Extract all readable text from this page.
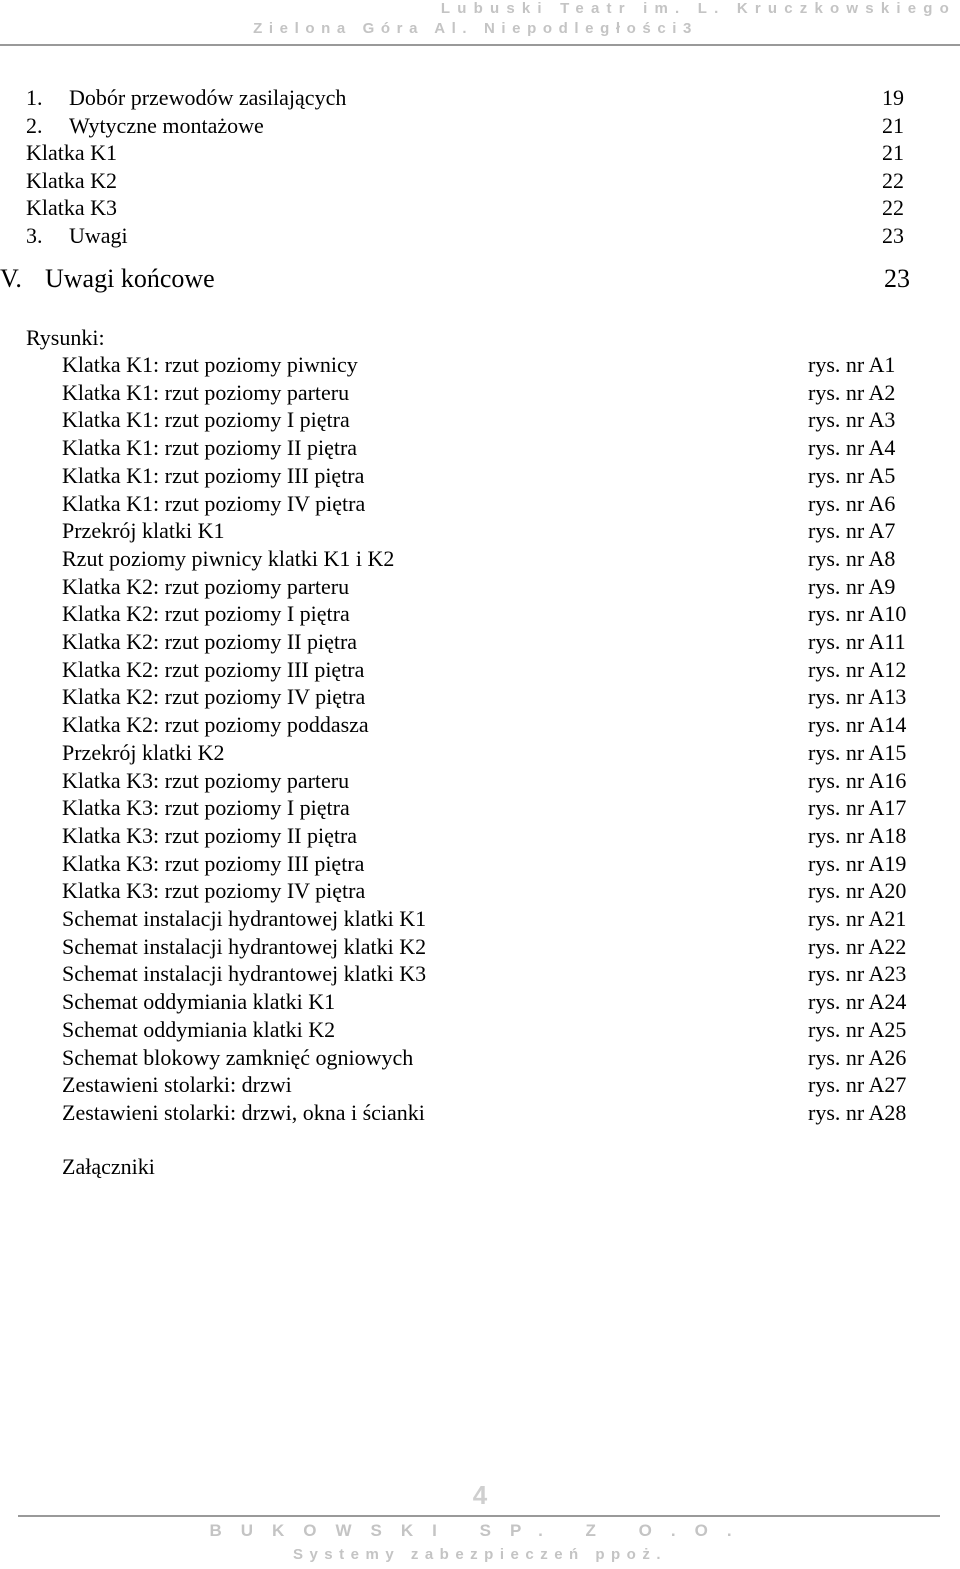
Lubuski Teatr im. L. Kruczkowskiego
Zielona Góra Al. Niepodległości3
1.	Dobór przewodów zasilających	19
2.	Wytyczne montażowe	21
Klatka K1	21
Klatka K2	22
Klatka K3	22
3.	Uwagi	23
V. Uwagi końcowe	23
Rysunki:
Klatka K1: rzut poziomy piwnicy	rys. nr A1
Klatka K1: rzut poziomy parteru	rys. nr A2
Klatka K1: rzut poziomy I piętra	rys. nr A3
Klatka K1: rzut poziomy II piętra	rys. nr A4
Klatka K1: rzut poziomy III piętra	rys. nr A5
Klatka K1: rzut poziomy IV piętra	rys. nr A6
Przekrój klatki K1	rys. nr A7
Rzut poziomy piwnicy klatki K1 i K2	rys. nr A8
Klatka K2: rzut poziomy parteru	rys. nr A9
Klatka K2: rzut poziomy I piętra	rys. nr A10
Klatka K2: rzut poziomy II piętra	rys. nr A11
Klatka K2: rzut poziomy III piętra	rys. nr A12
Klatka K2: rzut poziomy IV piętra	rys. nr A13
Klatka K2: rzut poziomy poddasza	rys. nr A14
Przekrój klatki K2	rys. nr A15
Klatka K3: rzut poziomy parteru	rys. nr A16
Klatka K3: rzut poziomy I piętra	rys. nr A17
Klatka K3: rzut poziomy II piętra	rys. nr A18
Klatka K3: rzut poziomy III piętra	rys. nr A19
Klatka K3: rzut poziomy IV piętra	rys. nr A20
Schemat instalacji hydrantowej klatki K1	rys. nr A21
Schemat instalacji hydrantowej klatki K2	rys. nr A22
Schemat instalacji hydrantowej klatki K3	rys. nr A23
Schemat oddymiania klatki K1	rys. nr A24
Schemat oddymiania klatki K2	rys. nr A25
Schemat blokowy zamknięć ogniowych	rys. nr A26
Zestawieni stolarki: drzwi	rys. nr A27
Zestawieni stolarki: drzwi, okna i ścianki	rys. nr A28
Załączniki
4
BUKOWSKI SP. Z O.O.
Systemy zabezpieczeń ppoż.
